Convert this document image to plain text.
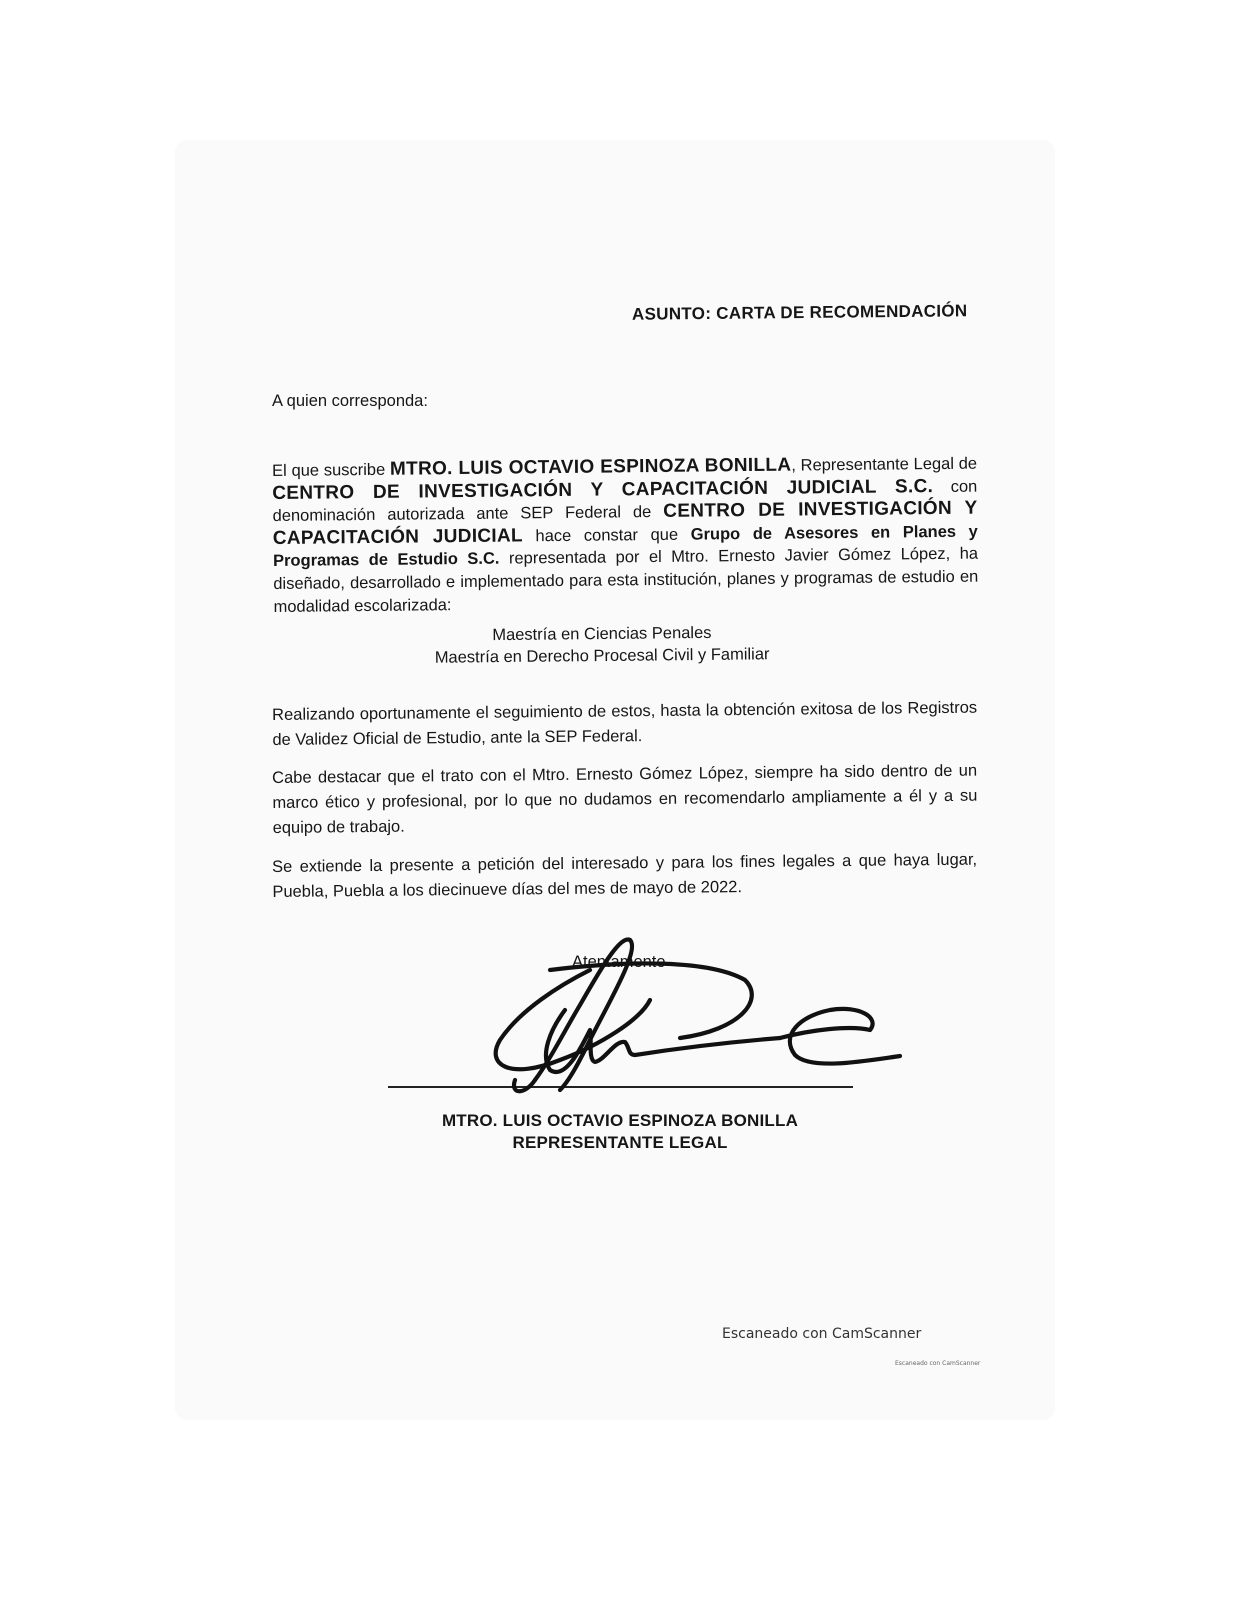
ASUNTO: CARTA DE RECOMENDACIÓN
A quien corresponda:

El que suscribe MTRO. LUIS OCTAVIO ESPINOZA BONILLA, Representante Legal de CENTRO DE INVESTIGACIÓN Y CAPACITACIÓN JUDICIAL S.C. con denominación autorizada ante SEP Federal de CENTRO DE INVESTIGACIÓN Y CAPACITACIÓN JUDICIAL hace constar que Grupo de Asesores en Planes y Programas de Estudio S.C. representada por el Mtro. Ernesto Javier Gómez López, ha diseñado, desarrollado e implementado para esta institución, planes y programas de estudio en modalidad escolarizada:

Maestría en Ciencias Penales
Maestría en Derecho Procesal Civil y Familiar

Realizando oportunamente el seguimiento de estos, hasta la obtención exitosa de los Registros de Validez Oficial de Estudio, ante la SEP Federal.

Cabe destacar que el trato con el Mtro. Ernesto Gómez López, siempre ha sido dentro de un marco ético y profesional, por lo que no dudamos en recomendarlo ampliamente a él y a su equipo de trabajo.

Se extiende la presente a petición del interesado y para los fines legales a que haya lugar, Puebla, Puebla a los diecinueve días del mes de mayo de 2022.

Atentamente
MTRO. LUIS OCTAVIO ESPINOZA BONILLA
REPRESENTANTE LEGAL
Escaneado con CamScanner
Escaneado con CamScanner
